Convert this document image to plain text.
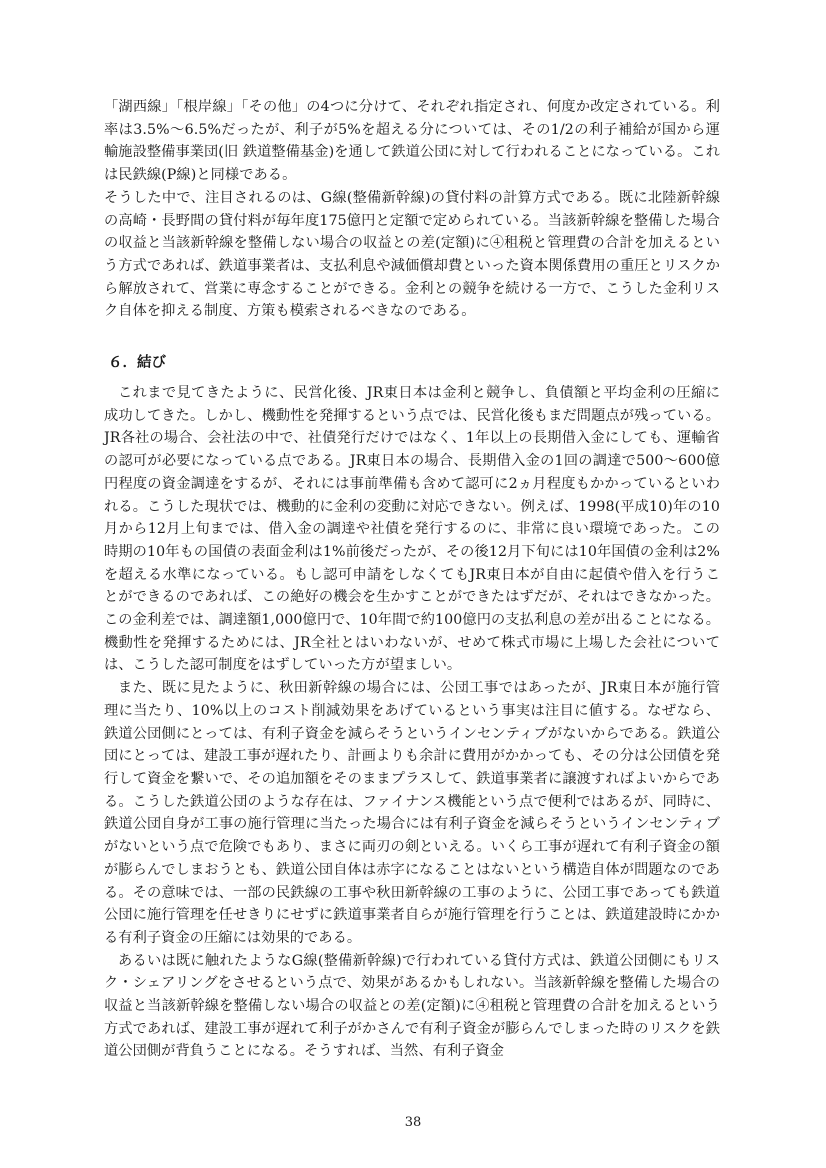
「湖西線」「根岸線」「その他」の4つに分けて、それぞれ指定され、何度か改定されている。利率は3.5%～6.5%だったが、利子が5%を超える分については、その1/2の利子補給が国から運輸施設整備事業団(旧 鉄道整備基金)を通して鉄道公団に対して行われることになっている。これは民鉄線(P線)と同様である。

そうした中で、注目されるのは、G線(整備新幹線)の貸付料の計算方式である。既に北陸新幹線の高崎・長野間の貸付料が毎年度175億円と定額で定められている。当該新幹線を整備した場合の収益と当該新幹線を整備しない場合の収益との差(定額)に④租税と管理費の合計を加えるという方式であれば、鉄道事業者は、支払利息や減価償却費といった資本関係費用の重圧とリスクから解放されて、営業に専念することができる。金利との競争を続ける一方で、こうした金利リスク自体を抑える制度、方策も模索されるべきなのである。

６．結び

これまで見てきたように、民営化後、JR東日本は金利と競争し、負債額と平均金利の圧縮に成功してきた。しかし、機動性を発揮するという点では、民営化後もまだ問題点が残っている。JR各社の場合、会社法の中で、社債発行だけではなく、1年以上の長期借入金にしても、運輸省の認可が必要になっている点である。JR東日本の場合、長期借入金の1回の調達で500～600億円程度の資金調達をするが、それには事前準備も含めて認可に2ヵ月程度もかかっているといわれる。こうした現状では、機動的に金利の変動に対応できない。例えば、1998(平成10)年の10月から12月上旬までは、借入金の調達や社債を発行するのに、非常に良い環境であった。この時期の10年もの国債の表面金利は1%前後だったが、その後12月下旬には10年国債の金利は2%を超える水準になっている。もし認可申請をしなくてもJR東日本が自由に起債や借入を行うことができるのであれば、この絶好の機会を生かすことができたはずだが、それはできなかった。この金利差では、調達額1,000億円で、10年間で約100億円の支払利息の差が出ることになる。機動性を発揮するためには、JR全社とはいわないが、せめて株式市場に上場した会社については、こうした認可制度をはずしていった方が望ましい。

また、既に見たように、秋田新幹線の場合には、公団工事ではあったが、JR東日本が施行管理に当たり、10%以上のコスト削減効果をあげているという事実は注目に値する。なぜなら、鉄道公団側にとっては、有利子資金を減らそうというインセンティブがないからである。鉄道公団にとっては、建設工事が遅れたり、計画よりも余計に費用がかかっても、その分は公団債を発行して資金を繋いで、その追加額をそのままプラスして、鉄道事業者に譲渡すればよいからである。こうした鉄道公団のような存在は、ファイナンス機能という点で便利ではあるが、同時に、鉄道公団自身が工事の施行管理に当たった場合には有利子資金を減らそうというインセンティブがないという点で危険でもあり、まさに両刃の剣といえる。いくら工事が遅れて有利子資金の額が膨らんでしまおうとも、鉄道公団自体は赤字になることはないという構造自体が問題なのである。その意味では、一部の民鉄線の工事や秋田新幹線の工事のように、公団工事であっても鉄道公団に施行管理を任せきりにせずに鉄道事業者自らが施行管理を行うことは、鉄道建設時にかかる有利子資金の圧縮には効果的である。

あるいは既に触れたようなG線(整備新幹線)で行われている貸付方式は、鉄道公団側にもリスク・シェアリングをさせるという点で、効果があるかもしれない。当該新幹線を整備した場合の収益と当該新幹線を整備しない場合の収益との差(定額)に④租税と管理費の合計を加えるという方式であれば、建設工事が遅れて利子がかさんで有利子資金が膨らんでしまった時のリスクを鉄道公団側が背負うことになる。そうすれば、当然、有利子資金

38
